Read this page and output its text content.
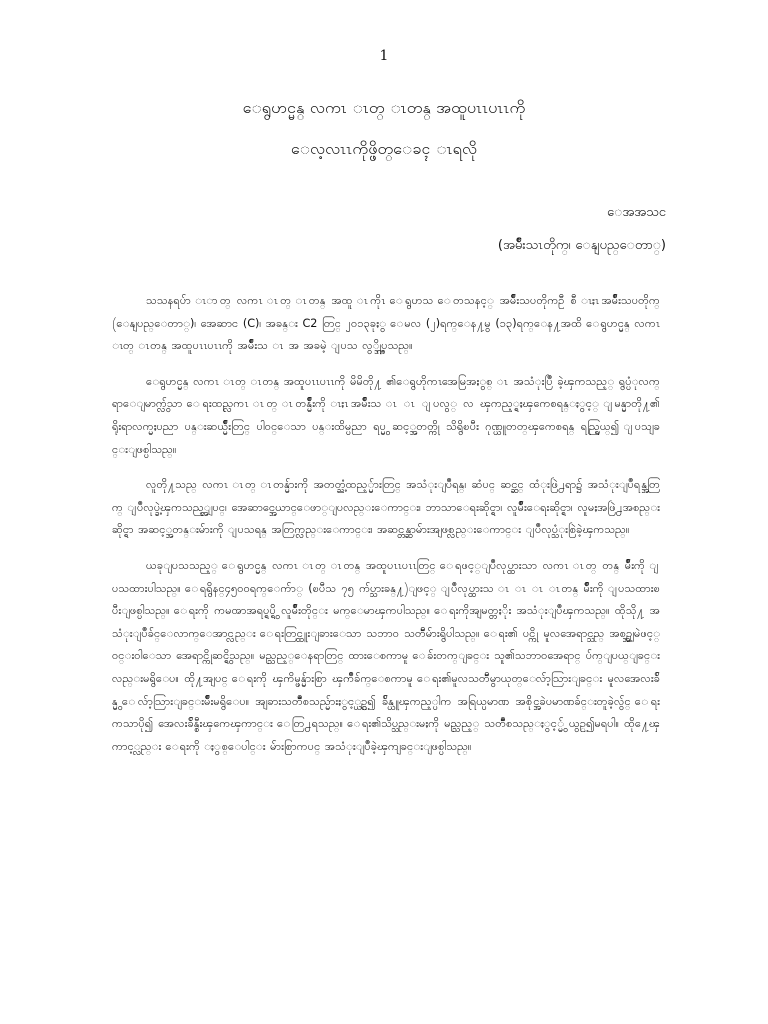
1
ေရွဟင္မန္ လကၤ ၤတ္ ၤတန္ အထူပၤၤပၤၤကို
ေလ့လၤၤကိုဖ္ဖိတ္ေခၚ ၤရလို
ေအအသင
(အမ်ိဳးသၤတိုက္၊ ေနျပည္ေတာ္)

သသနရပ်ာ ၤာတ္ လကၤ ၤတ္ ၤတန္ အထူ ၤကိုၤ ေရွဟသ ေတသနင့္ အမ်ိဳးသပတိုကဦ စီ ၤႏၤအမ်ိဳးသပတိုက္ (ေနျပည္ေတာ္)၊ အေဆာင (C)၊ အခန္း C2 တြင္ ၂၀၁၃ခုႏွ ေမလ (၂)ရက္ေန႔မွ (၁၃)ရက္ေန႔အထိ ေရွဟင္မန္ လကၤ ၤတ္ ၤတန္ အထူပၤၤပၤၤကို အမ်ိဳးသ ၤ အ အခမဲ့ ျပသ လွ္ဒ္ကို့ပသည္။

ေရွဟင္မန္ လကၤ ၤတ္ ၤတန္ အထူပၤၤပၤၤကို မိမိတို႔ ၏ေရွဟိုကၤအေမြအႏွစ္ ၤ အသံုးပြဳ ခဲ့ၾကသည့္ ရွပ္ပံုလက္ရာေျမာက္လွ်သာ ေရးထည္လကၤ ၤတ္ ၤတန္မ်ိဳးကို ၤႏၤအမ်ိဳးသ ၤ ၤ ျပလွ္ လ ၾကည့္ရႈၾကေစရန္ႏွင့္ ျမန္မာတို႔၏ ရိုးရာလက္မႈပညာ ပန္းဆယ္မ်ိဳးတြင္ ပါ၀င္ေသာ ပန္းထိမ္ပညာ ရပ္မွ ဆင့္အတတ္ကို သိရွိၿပီး ဂုဏ္ယူတတ္ၾကေစရန္ ရည္ရြယ္၍ ျပသျခင္းျဖစ္ပါသည္။

လူတို႔သည္ လကၤ ၤတ္ ၤတန္မ်ားကို အတတ္ညံ့ထည့္မ်ားတြင္ အသံုးျပဳရန္၊ ဆံပင္ ဆင္ဆင္ ထံုးဖြဲ႕ရာ၌ အသံုးျပဳရန္အတြက္ ျပဳလုပ္ခဲ့ၾကသည့္အျပင္၊ အေဆာင္အေယာင္ေဖာ္ျပလည္းေကာင္း၊ ဘာသာေရးဆိုင္ရာ၊ လူမ်ိဳးေရးဆိုင္ရာ၊ လူမႈအဖြဲ႕အစည္းဆိုင္ရာ အဆင့္အတန္းမ်ားကို ျပသရန္ အတြက္လည္းေကာင္း၊ အဆင္တန္ဆာမ်ားအျဖစ္လည္းေကာင္း ျပဳလုပ္သံုးစြဲခဲ့ၾကသည္။

ယခုျပသသည့္ ေရွဟင္မန္ လကၤ ၤတ္ ၤတန္ အထူပၤၤပၤၤတြင္ ေရဖင့္ျပဳလုပ္ထားသာ လကၤ ၤတ္ တန္ မ်ိဳးကို ျပသထားပါသည္။ ေရရွိနင္၄၅၀၀ရက္ေက်ာ္ (ၿပီသ ၇၅ က်ပ္သားခန္႔)ျဖင့္ ျပဳလုပ္ထားသ ၤ ၤ ၤ ၤတန္ မ်ိဳးကို ျပသထားၿပီးျဖစ္ပါသည္။ ေရးကို ကမၻာအရပ္ရပ္ရွိ လူမ်ိဳးတိုင္း မက္ေမာၾကပါသည္။ ေရးကိုအျမတ္တႏိုး အသံုးျပဳၾကသည္။ ထိုသို႔ အသံုးျပဳခ်င္ေလာက္ေအာင္လည္း ေရးတြင္ထူးျခားေသာ သဘာ၀ သတၱိမ်ားရွိပါသည္။ ေရး၏ ပင္ကို မူလအေရာင္သည္ အစဥ္အျမဲဖင့္ ၀င္း၀ါေသာ အေရာင္ကိုဆင္ရွိသည္။ မည္သည့္ေနရာတြင္ ထားေစကာမူ ေခ်းတက္ျခင္း သူ၏သဘာ၀အေရာင္ ပ်က္ျပယ္ျခင္းလည္းမရွိေပ။ ထို႔အျပင္ ေရးကို ၾကိမ္ဖန္မ်ားစြာ ၾကိဳခ်က္ေစကာမူ ေရး၏မူလသတၱိမွာယုတ္ေလ်ာ့သြားျခင္း မူလအေလးခ်ိန္မွ ေလ်ာ့သြားျခင္းမ်ိဳးမရွိေပ။ အျခားသတၱဳစသည္မ်ားႏွင့္ယွဥ္၍ ခ်ိန္ယူၾကည့္ပါက အရြယ္ပမာဏ အစိုင္အခဲပမာဏခ်င္းတူခဲ့လွ်င္ ေရးကသာပို၍ အေလးခ်ိန္စီးၾကေၾကာင္း ေတြ႕ရသည္။ ေရး၏သိပ္သည္းမႈကို မည္သည့္ သတၱဳစသည္ႏွင့္မွ် ယွဥ္၍မရပါ။ ထို႔ေၾကာင့္လည္း ေရးကို ႏွစ္ေပါင္း မ်ားစြာကပင္ အသံုးျပဳခဲ့ၾကျခင္းျဖစ္ပါသည္။
